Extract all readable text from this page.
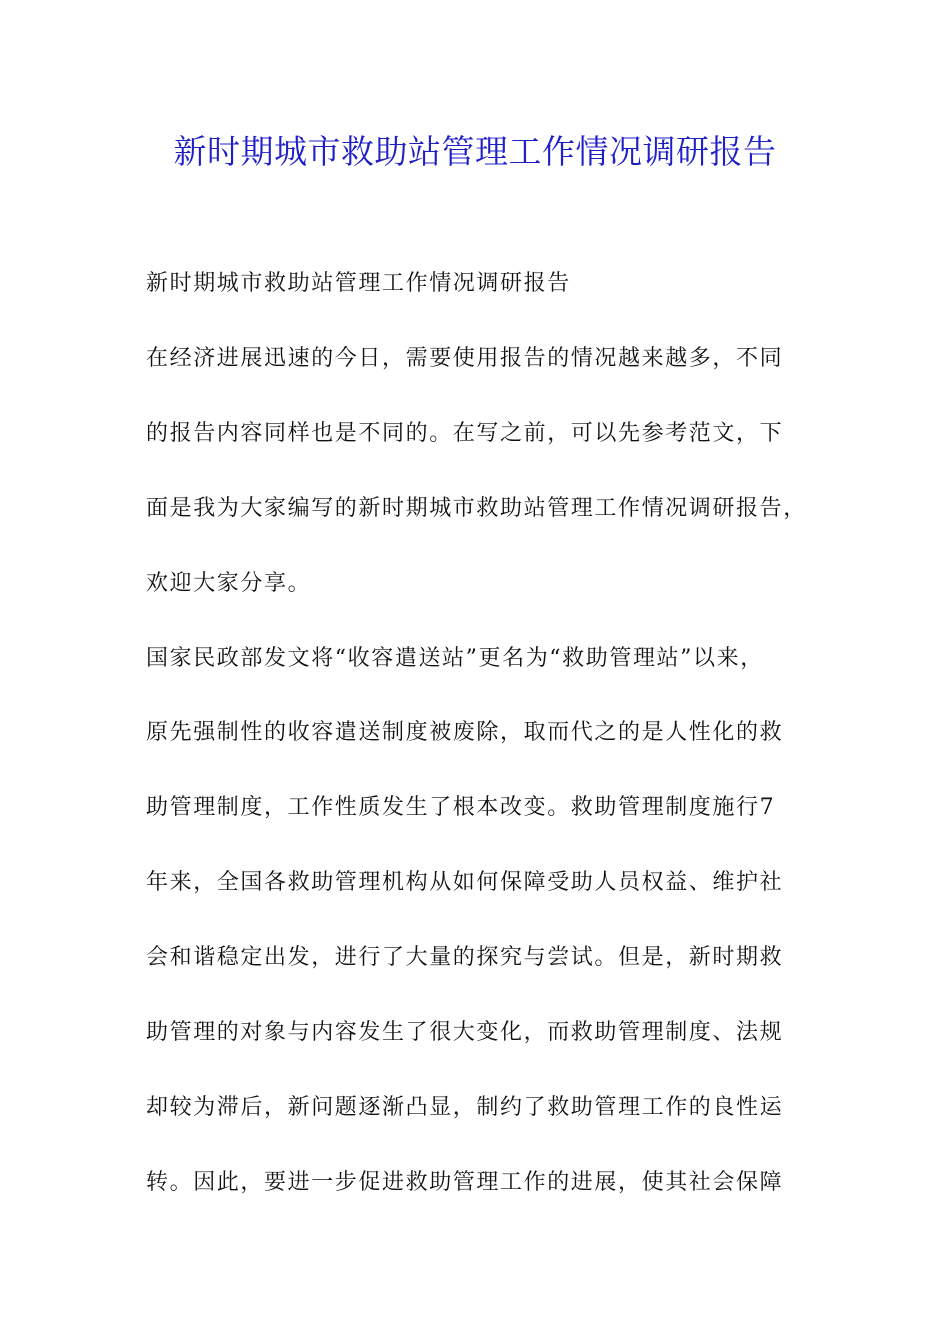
新时期城市救助站管理工作情况调研报告
新时期城市救助站管理工作情况调研报告
在经济进展迅速的今日，需要使用报告的情况越来越多，不同
的报告内容同样也是不同的。在写之前，可以先参考范文，下
面是我为大家编写的新时期城市救助站管理工作情况调研报告，
欢迎大家分享。
国家民政部发文将“收容遣送站”更名为“救助管理站”以来，
原先强制性的收容遣送制度被废除，取而代之的是人性化的救
助管理制度，工作性质发生了根本改变。救助管理制度施行7
年来，全国各救助管理机构从如何保障受助人员权益、维护社
会和谐稳定出发，进行了大量的探究与尝试。但是，新时期救
助管理的对象与内容发生了很大变化，而救助管理制度、法规
却较为滞后，新问题逐渐凸显，制约了救助管理工作的良性运
转。因此，要进一步促进救助管理工作的进展，使其社会保障
